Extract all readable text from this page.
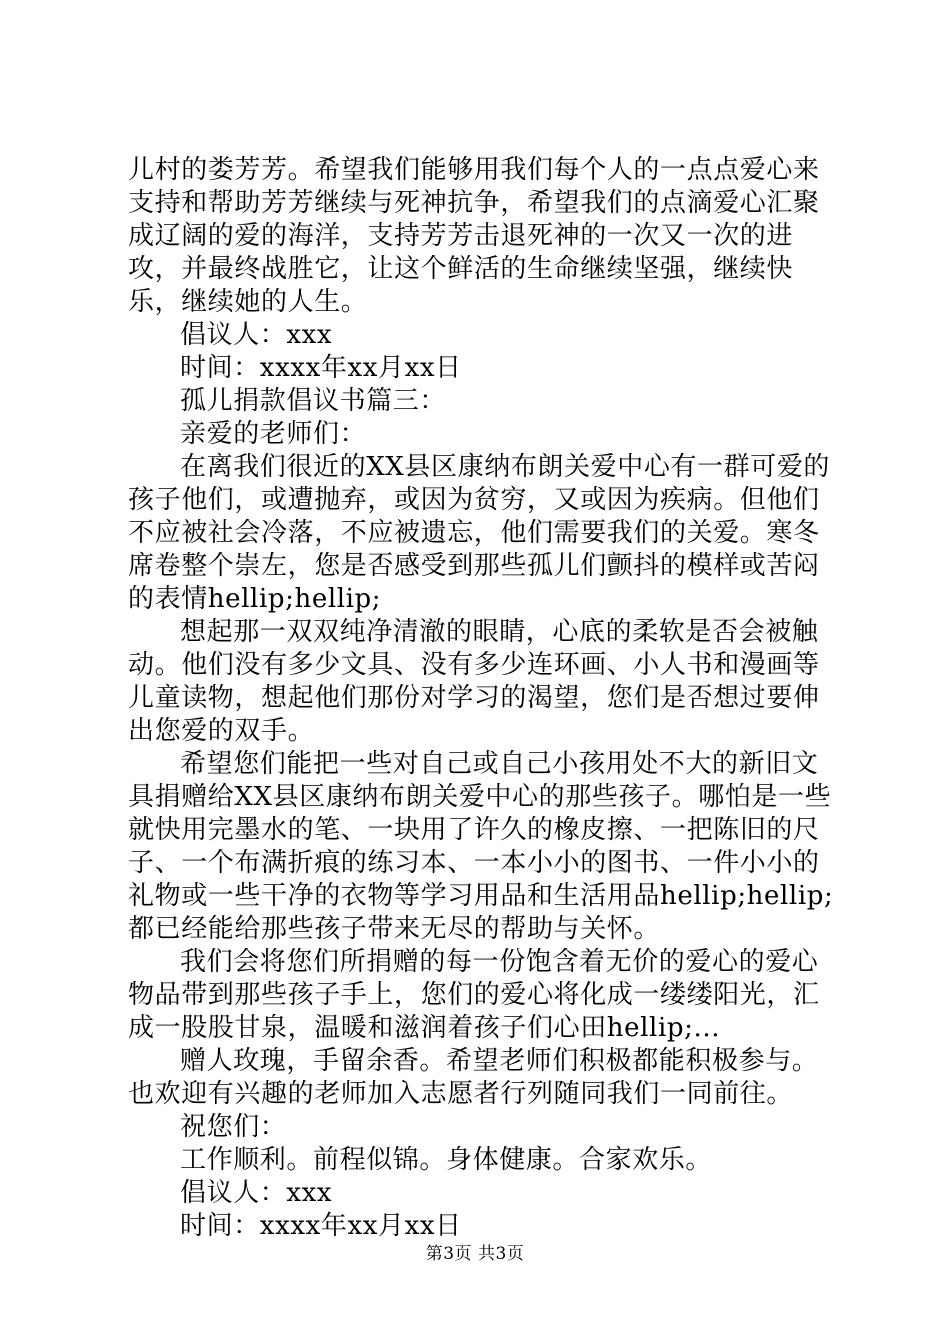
儿村的娄芳芳。希望我们能够用我们每个人的一点点爱心来支持和帮助芳芳继续与死神抗争，希望我们的点滴爱心汇聚成辽阔的爱的海洋，支持芳芳击退死神的一次又一次的进攻，并最终战胜它，让这个鲜活的生命继续坚强，继续快乐，继续她的人生。

倡议人：xxx

时间：xxxx年xx月xx日

孤儿捐款倡议书篇三：

亲爱的老师们：

在离我们很近的XX县区康纳布朗关爱中心有一群可爱的孩子他们，或遭抛弃，或因为贫穷，又或因为疾病。但他们不应被社会冷落，不应被遗忘，他们需要我们的关爱。寒冬席卷整个崇左，您是否感受到那些孤儿们颤抖的模样或苦闷的表情hellip;hellip;

想起那一双双纯净清澈的眼睛，心底的柔软是否会被触动。他们没有多少文具、没有多少连环画、小人书和漫画等儿童读物，想起他们那份对学习的渴望，您们是否想过要伸出您爱的双手。

希望您们能把一些对自己或自己小孩用处不大的新旧文具捐赠给XX县区康纳布朗关爱中心的那些孩子。哪怕是一些就快用完墨水的笔、一块用了许久的橡皮擦、一把陈旧的尺子、一个布满折痕的练习本、一本小小的图书、一件小小的礼物或一些干净的衣物等学习用品和生活用品hellip;hellip;都已经能给那些孩子带来无尽的帮助与关怀。

我们会将您们所捐赠的每一份饱含着无价的爱心的爱心物品带到那些孩子手上，您们的爱心将化成一缕缕阳光，汇成一股股甘泉，温暖和滋润着孩子们心田hellip;...

赠人玫瑰，手留余香。希望老师们积极都能积极参与。也欢迎有兴趣的老师加入志愿者行列随同我们一同前往。

祝您们：

工作顺利。前程似锦。身体健康。合家欢乐。

倡议人：xxx

时间：xxxx年xx月xx日

第3页 共3页
